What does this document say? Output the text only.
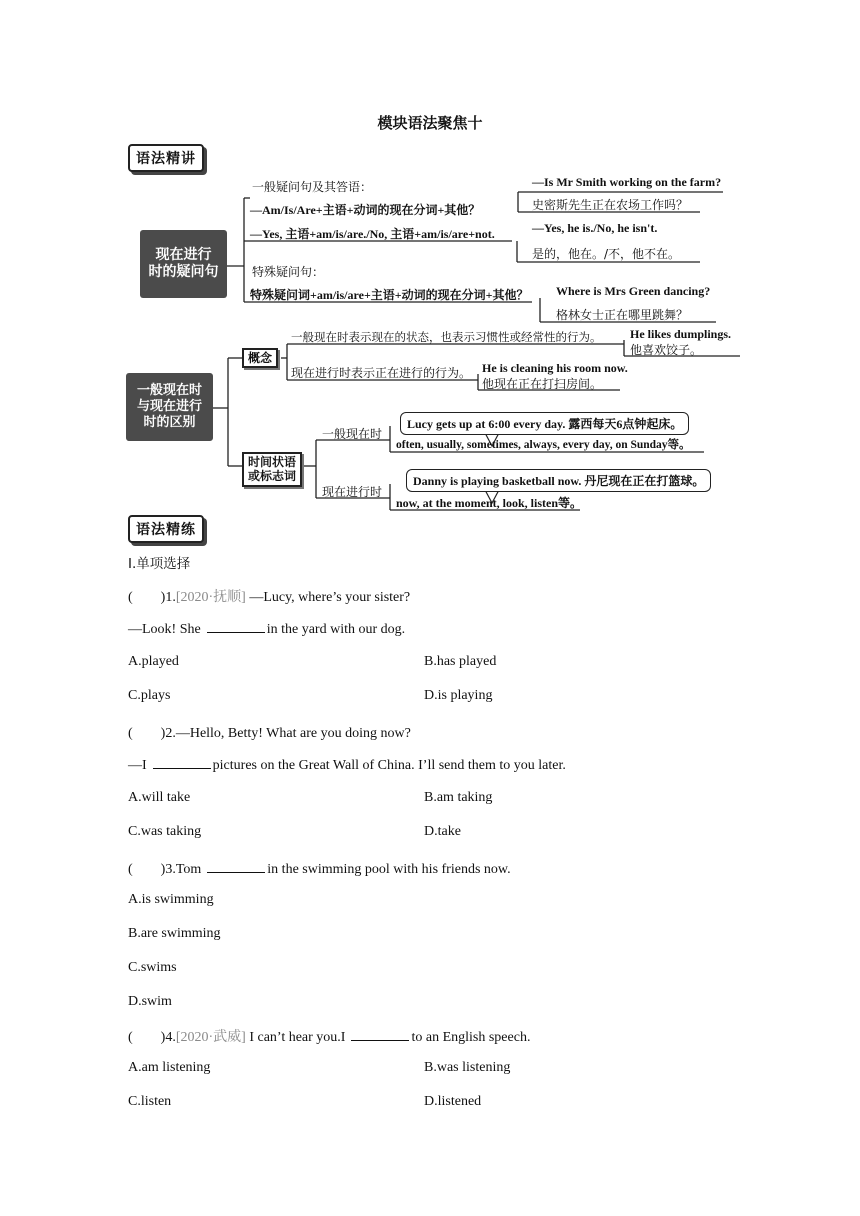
模块语法聚焦十
语法精讲
现在进行
时的疑问句
一般疑问句及其答语：
—Am/Is/Are+主语+动词的现在分词+其他？
—Yes, 主语+am/is/are./No, 主语+am/is/are+not.
—Is Mr Smith working on the farm?
史密斯先生正在农场工作吗？
—Yes, he is./No, he isn't.
是的，他在。/不，他不在。
特殊疑问句：
特殊疑问词+am/is/are+主语+动词的现在分词+其他？ Where is Mrs Green dancing?
格林女士正在哪里跳舞？
一般现在时
与现在进行
时的区别
概念
一般现在时表示现在的状态，也表示习惯性或经常性的行为。 He likes dumplings.
他喜欢饺子。
现在进行时表示正在进行的行为。 He is cleaning his room now.
他现在正在打扫房间。
时间状语
或标志词
一般现在时
Lucy gets up at 6:00 every day. 露西每天6点钟起床。
often, usually, sometimes, always, every day, on Sunday等。
现在进行时
Danny is playing basketball now. 丹尼现在正在打篮球。
now, at the moment, look, listen等。
语法精练
Ⅰ.单项选择
(　　)1.[2020·抚顺] —Lucy, where’s your sister?
—Look! She	in the yard with our dog.
A.played	B.has played
C.plays	D.is playing
(　　)2.—Hello, Betty! What are you doing now?
—I	pictures on the Great Wall of China. I’ll send them to you later.
A.will take	B.am taking
C.was taking	D.take
(　　)3.Tom	in the swimming pool with his friends now.
A.is swimming
B.are swimming
C.swims
D.swim
(　　)4.[2020·武威] I can’t hear you.I	to an English speech.
A.am listening	B.was listening
C.listen	D.listened
